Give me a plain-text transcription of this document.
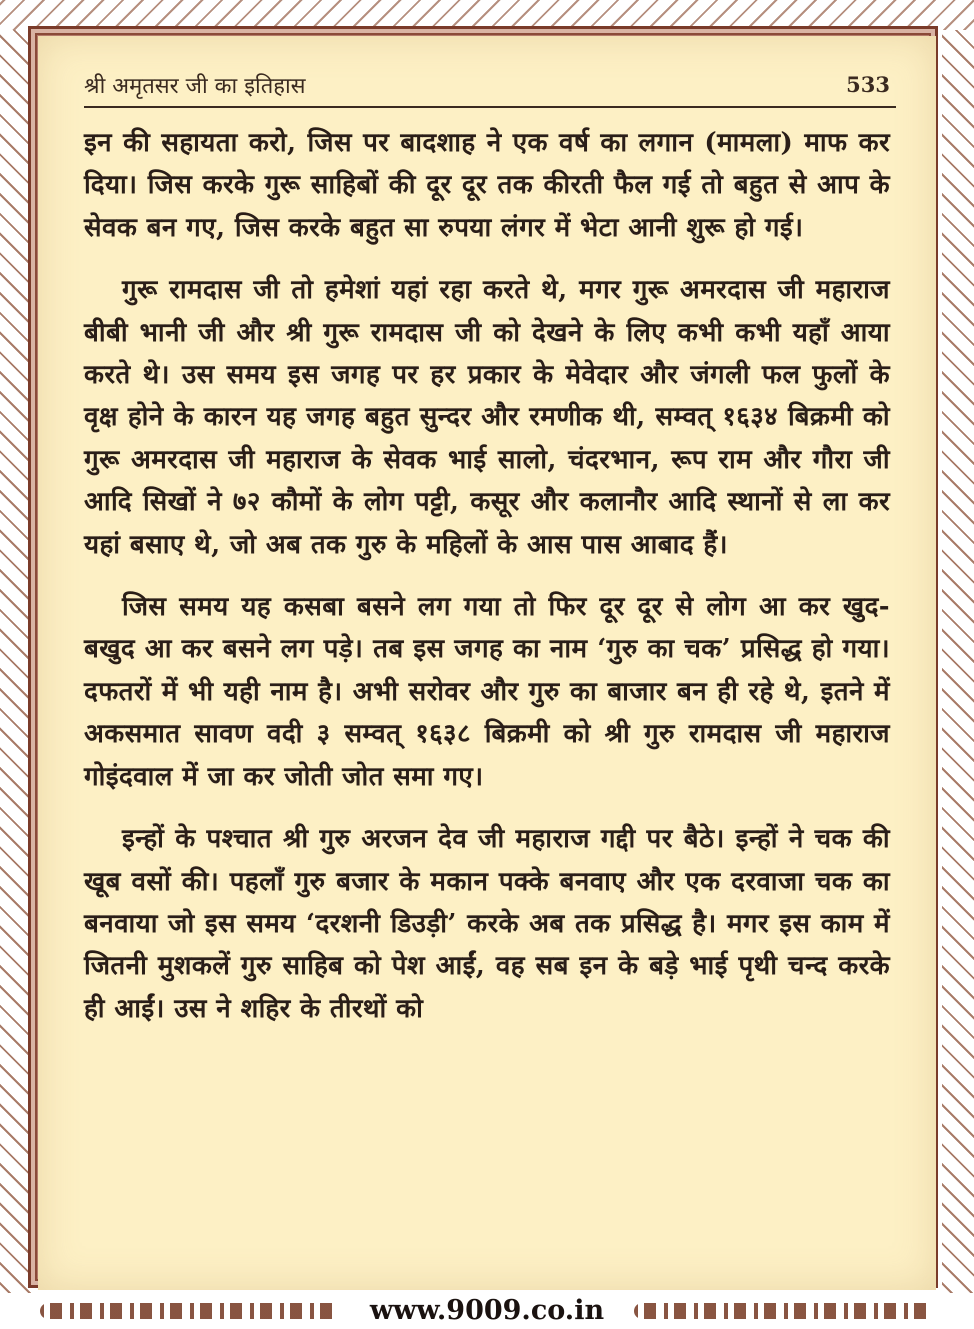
श्री अमृतसर जी का इतिहास	533

इन की सहायता करो, जिस पर बादशाह ने एक वर्ष का लगान (मामला) माफ कर दिया। जिस करके गुरू साहिबों की दूर दूर तक कीरती फैल गई तो बहुत से आप के सेवक बन गए, जिस करके बहुत सा रुपया लंगर में भेटा आनी शुरू हो गई।

गुरू रामदास जी तो हमेशां यहां रहा करते थे, मगर गुरू अमरदास जी महाराज बीबी भानी जी और श्री गुरू रामदास जी को देखने के लिए कभी कभी यहाँ आया करते थे। उस समय इस जगह पर हर प्रकार के मेवेदार और जंगली फल फुलों के वृक्ष होने के कारन यह जगह बहुत सुन्दर और रमणीक थी, सम्वत् १६३४ बिक्रमी को गुरू अमरदास जी महाराज के सेवक भाई सालो, चंदरभान, रूप राम और गौरा जी आदि सिखों ने ७२ कौमों के लोग पट्टी, कसूर और कलानौर आदि स्थानों से ला कर यहां बसाए थे, जो अब तक गुरु के महिलों के आस पास आबाद हैं।

जिस समय यह कसबा बसने लग गया तो फिर दूर दूर से लोग आ कर खुद-बखुद आ कर बसने लग पड़े। तब इस जगह का नाम ‘गुरु का चक’ प्रसिद्ध हो गया। दफतरों में भी यही नाम है। अभी सरोवर और गुरु का बाजार बन ही रहे थे, इतने में अकसमात सावण वदी ३ सम्वत् १६३८ बिक्रमी को श्री गुरु रामदास जी महाराज गोइंदवाल में जा कर जोती जोत समा गए।

इन्हों के पश्चात श्री गुरु अरजन देव जी महाराज गद्दी पर बैठे। इन्हों ने चक की खूब वसों की। पहलाँ गुरु बजार के मकान पक्के बनवाए और एक दरवाजा चक का बनवाया जो इस समय ‘दरशनी डिउड़ी’ करके अब तक प्रसिद्ध है। मगर इस काम में जितनी मुशकलें गुरु साहिब को पेश आईं, वह सब इन के बड़े भाई पृथी चन्द करके ही आईं। उस ने शहिर के तीरथों को

www.9009.co.in
